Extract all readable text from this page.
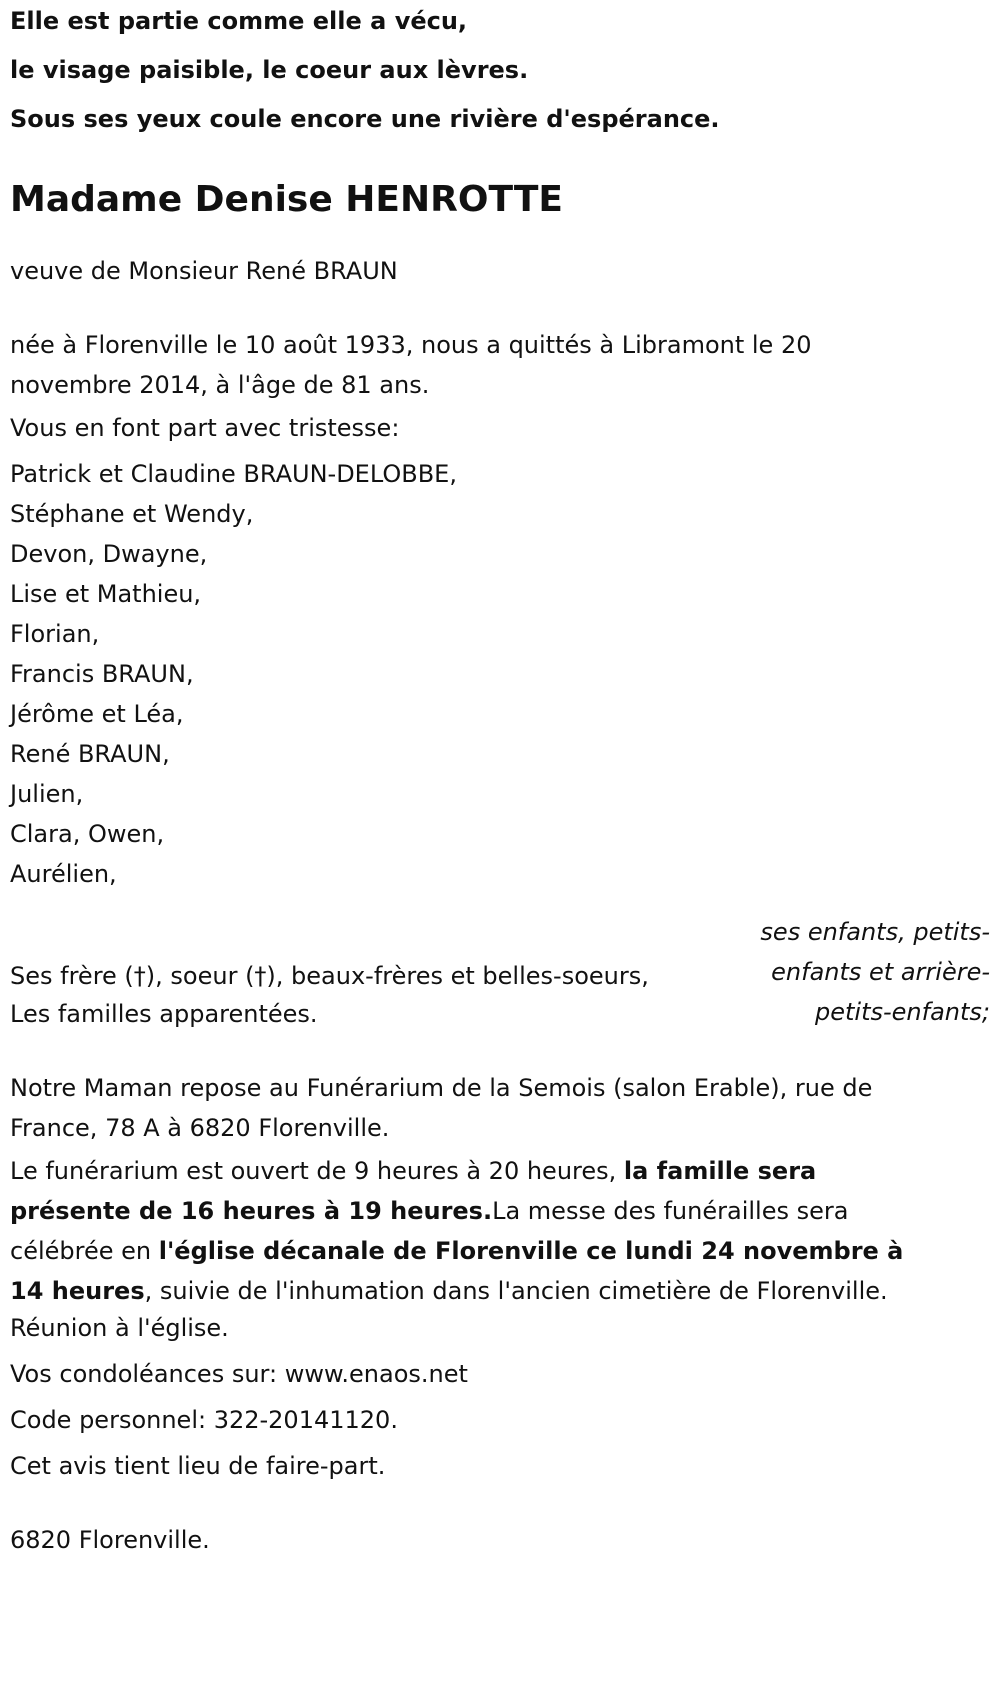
Elle est partie comme elle a vécu,
le visage paisible, le coeur aux lèvres.
Sous ses yeux coule encore une rivière d'espérance.
Madame Denise HENROTTE
veuve de Monsieur René BRAUN
née à Florenville le 10 août 1933, nous a quittés à Libramont le 20 novembre 2014, à l'âge de 81 ans.
Vous en font part avec tristesse:
Patrick et Claudine BRAUN-DELOBBE,
Stéphane et Wendy,
Devon, Dwayne,
Lise et Mathieu,
Florian,
Francis BRAUN,
Jérôme et Léa,
René BRAUN,
Julien,
Clara, Owen,
Aurélien,
ses enfants, petits-enfants et arrière-petits-enfants;
Ses frère (†), soeur (†), beaux-frères et belles-soeurs,
Les familles apparentées.
Notre Maman repose au Funérarium de la Semois (salon Erable), rue de France, 78 A à 6820 Florenville.
Le funérarium est ouvert de 9 heures à 20 heures, la famille sera présente de 16 heures à 19 heures.La messe des funérailles sera célébrée en l'église décanale de Florenville ce lundi 24 novembre à 14 heures, suivie de l'inhumation dans l'ancien cimetière de Florenville.
Réunion à l'église.
Vos condoléances sur: www.enaos.net
Code personnel: 322-20141120.
Cet avis tient lieu de faire-part.
6820 Florenville.
